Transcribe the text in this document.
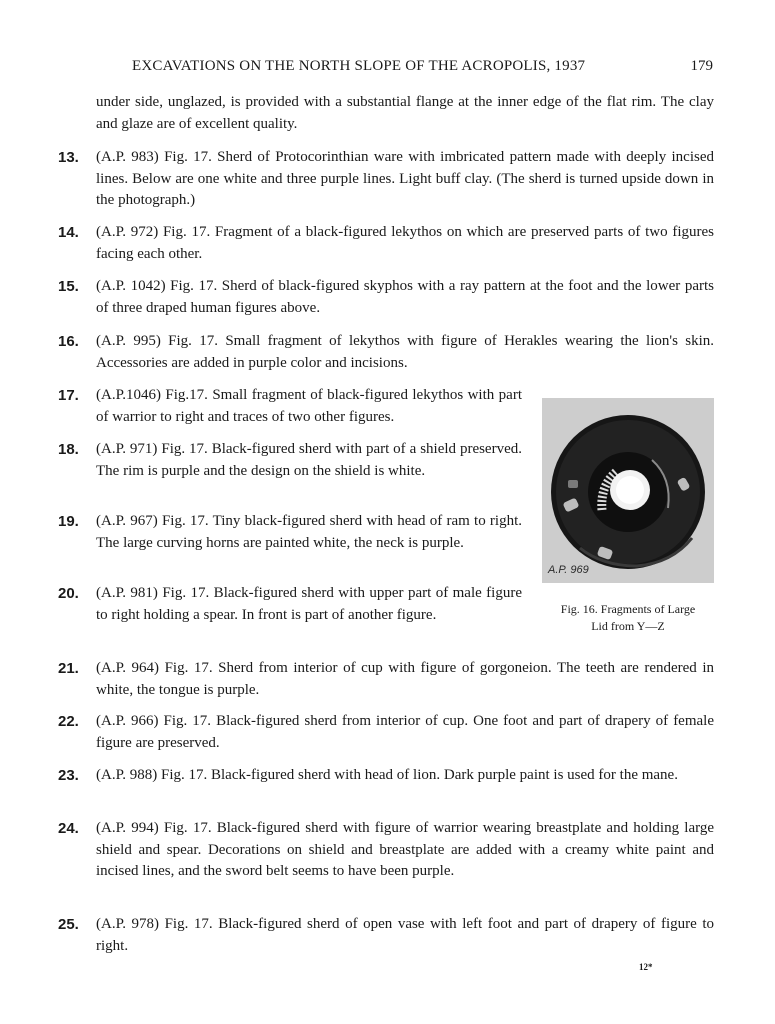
EXCAVATIONS ON THE NORTH SLOPE OF THE ACROPOLIS, 1937	179

under side, unglazed, is provided with a substantial flange at the inner edge of the flat rim. The clay and glaze are of excellent quality.

13.	(A.P. 983) Fig. 17. Sherd of Protocorinthian ware with imbricated pattern made with deeply incised lines. Below are one white and three purple lines. Light buff clay. (The sherd is turned upside down in the photograph.)

14.	(A.P. 972) Fig. 17. Fragment of a black-figured lekythos on which are preserved parts of two figures facing each other.

15.	(A.P. 1042) Fig. 17. Sherd of black-figured skyphos with a ray pattern at the foot and the lower parts of three draped human figures above.

16.	(A.P. 995) Fig. 17. Small fragment of lekythos with figure of Herakles wearing the lion's skin. Accessories are added in purple color and incisions.

17.	(A.P.1046) Fig.17. Small fragment of black-figured lekythos with part of warrior to right and traces of two other figures.

18.	(A.P. 971) Fig. 17. Black-figured sherd with part of a shield preserved. The rim is purple and the design on the shield is white.

19.	(A.P. 967) Fig. 17. Tiny black-figured sherd with head of ram to right. The large curving horns are painted white, the neck is purple.

20.	(A.P. 981) Fig. 17. Black-figured sherd with upper part of male figure to right holding a spear. In front is part of another figure.

21.	(A.P. 964) Fig. 17. Sherd from interior of cup with figure of gorgoneion. The teeth are rendered in white, the tongue is purple.

22.	(A.P. 966) Fig. 17. Black-figured sherd from interior of cup. One foot and part of drapery of female figure are preserved.

23.	(A.P. 988) Fig. 17. Black-figured sherd with head of lion. Dark purple paint is used for the mane.

24.	(A.P. 994) Fig. 17. Black-figured sherd with figure of warrior wearing breastplate and holding large shield and spear. Decorations on shield and breastplate are added with a creamy white paint and incised lines, and the sword belt seems to have been purple.

25.	(A.P. 978) Fig. 17. Black-figured sherd of open vase with left foot and part of drapery of figure to right.

A.P. 969
Fig. 16. Fragments of Large
Lid from Y—Z
12*
